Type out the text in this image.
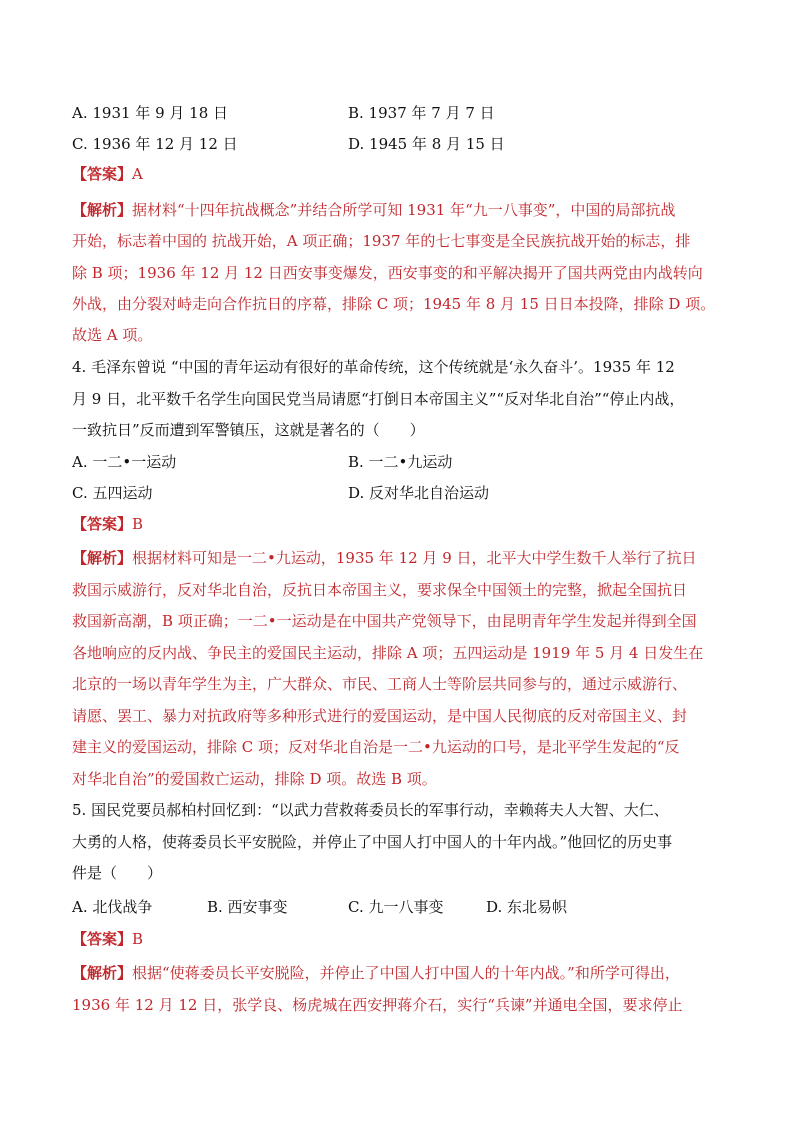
A. 1931 年 9 月 18 日	B. 1937 年 7 月 7 日
C. 1936 年 12 月 12 日	D. 1945 年 8 月 15 日
【答案】A
【解析】据材料“十四年抗战概念”并结合所学可知 1931 年“九一八事变”，中国的局部抗战
开始，标志着中国的 抗战开始，A 项正确；1937 年的七七事变是全民族抗战开始的标志，排
除 B 项；1936 年 12 月 12 日西安事变爆发，西安事变的和平解决揭开了国共两党由内战转向
外战，由分裂对峙走向合作抗日的序幕，排除 C 项；1945 年 8 月 15 日日本投降，排除 D 项。
故选 A 项。
4. 毛泽东曾说 “中国的青年运动有很好的革命传统，这个传统就是‘永久奋斗’。1935 年 12
月 9 日，北平数千名学生向国民党当局请愿“打倒日本帝国主义”“反对华北自治”“停止内战，
一致抗日”反而遭到军警镇压，这就是著名的（　　）
A. 一二•一运动	B. 一二•九运动
C. 五四运动	D. 反对华北自治运动
【答案】B
【解析】根据材料可知是一二•九运动，1935 年 12 月 9 日，北平大中学生数千人举行了抗日
救国示威游行，反对华北自治，反抗日本帝国主义，要求保全中国领土的完整，掀起全国抗日
救国新高潮，B 项正确；一二•一运动是在中国共产党领导下，由昆明青年学生发起并得到全国
各地响应的反内战、争民主的爱国民主运动，排除 A 项；五四运动是 1919 年 5 月 4 日发生在
北京的一场以青年学生为主，广大群众、市民、工商人士等阶层共同参与的，通过示威游行、
请愿、罢工、暴力对抗政府等多种形式进行的爱国运动，是中国人民彻底的反对帝国主义、封
建主义的爱国运动，排除 C 项；反对华北自治是一二•九运动的口号，是北平学生发起的“反
对华北自治”的爱国救亡运动，排除 D 项。故选 B 项。
5. 国民党要员郝柏村回忆到：“以武力营救蒋委员长的军事行动，幸赖蒋夫人大智、大仁、
大勇的人格，使蒋委员长平安脱险，并停止了中国人打中国人的十年内战。”他回忆的历史事
件是（　　）
A. 北伐战争	B. 西安事变	C. 九一八事变	D. 东北易帜
【答案】B
【解析】根据“使蒋委员长平安脱险，并停止了中国人打中国人的十年内战。”和所学可得出，
1936 年 12 月 12 日，张学良、杨虎城在西安押蒋介石，实行“兵谏”并通电全国，要求停止
